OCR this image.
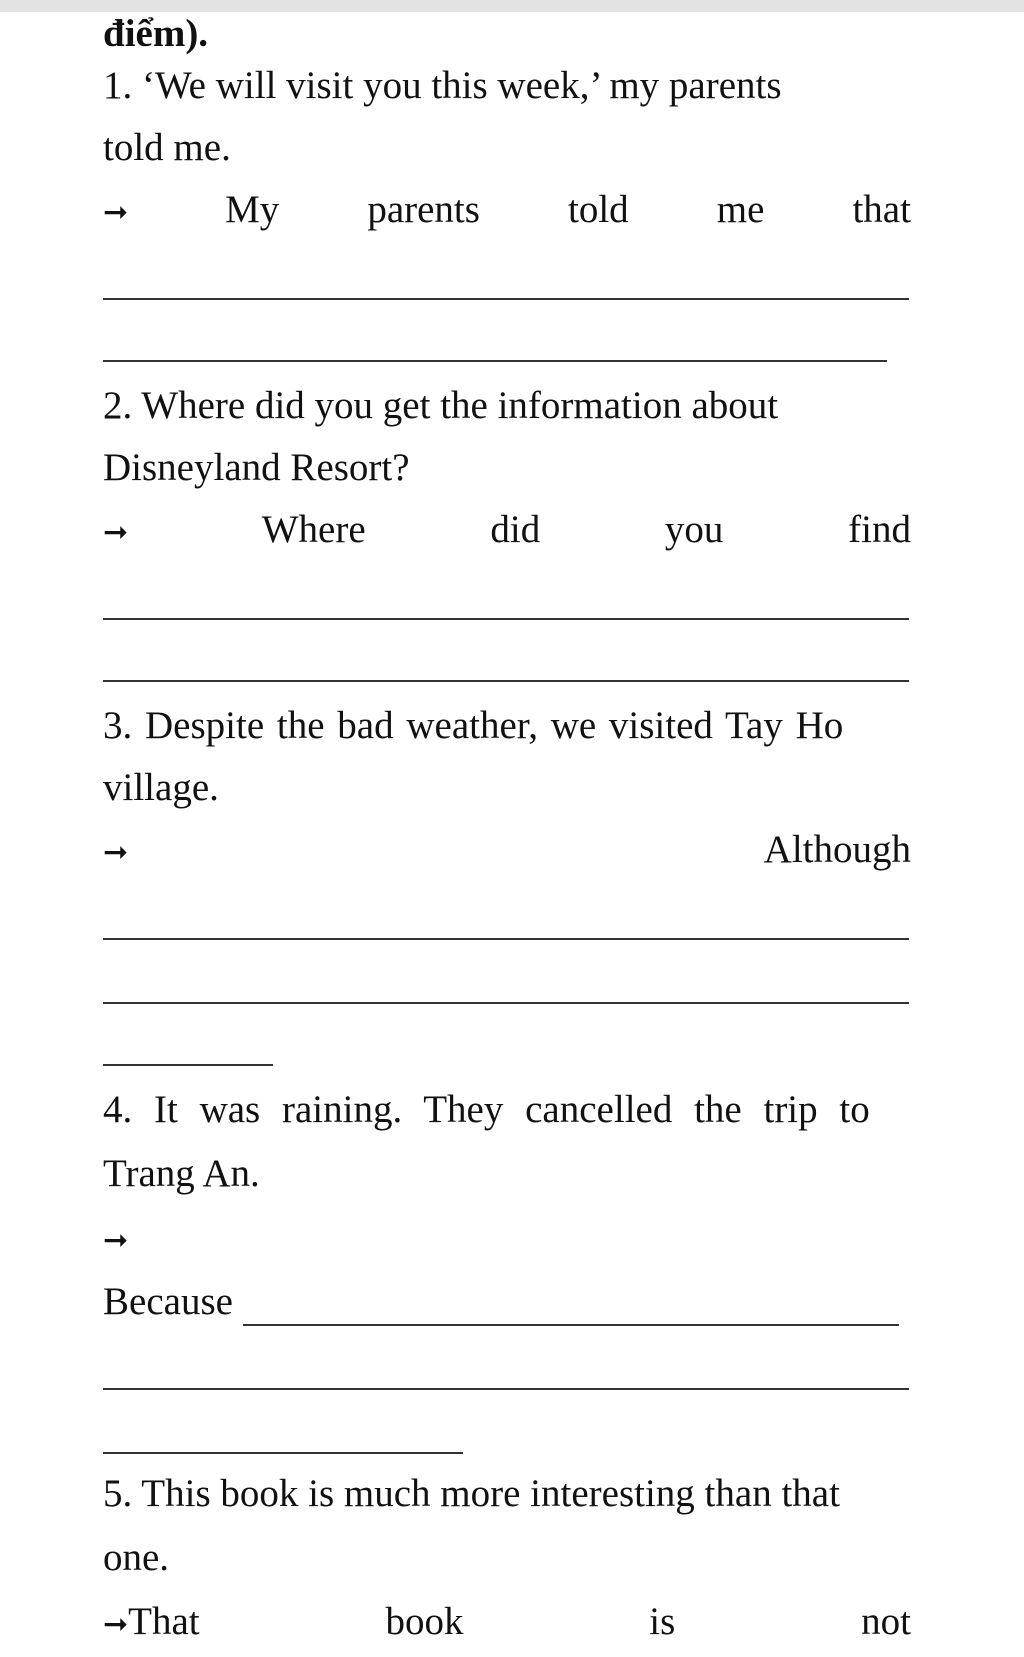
điểm).
1. ‘We will visit you this week,’ my parents
told me.
➞ My parents told me that
2. Where did you get the information about
Disneyland Resort?
➞	Where	did	you	find
3. Despite the bad weather, we visited Tay Ho
village.
➞	Although
4. It was raining. They cancelled the trip to
Trang An.
➞
Because
5. This book is much more interesting than that
one.
➞That	book	is	not
